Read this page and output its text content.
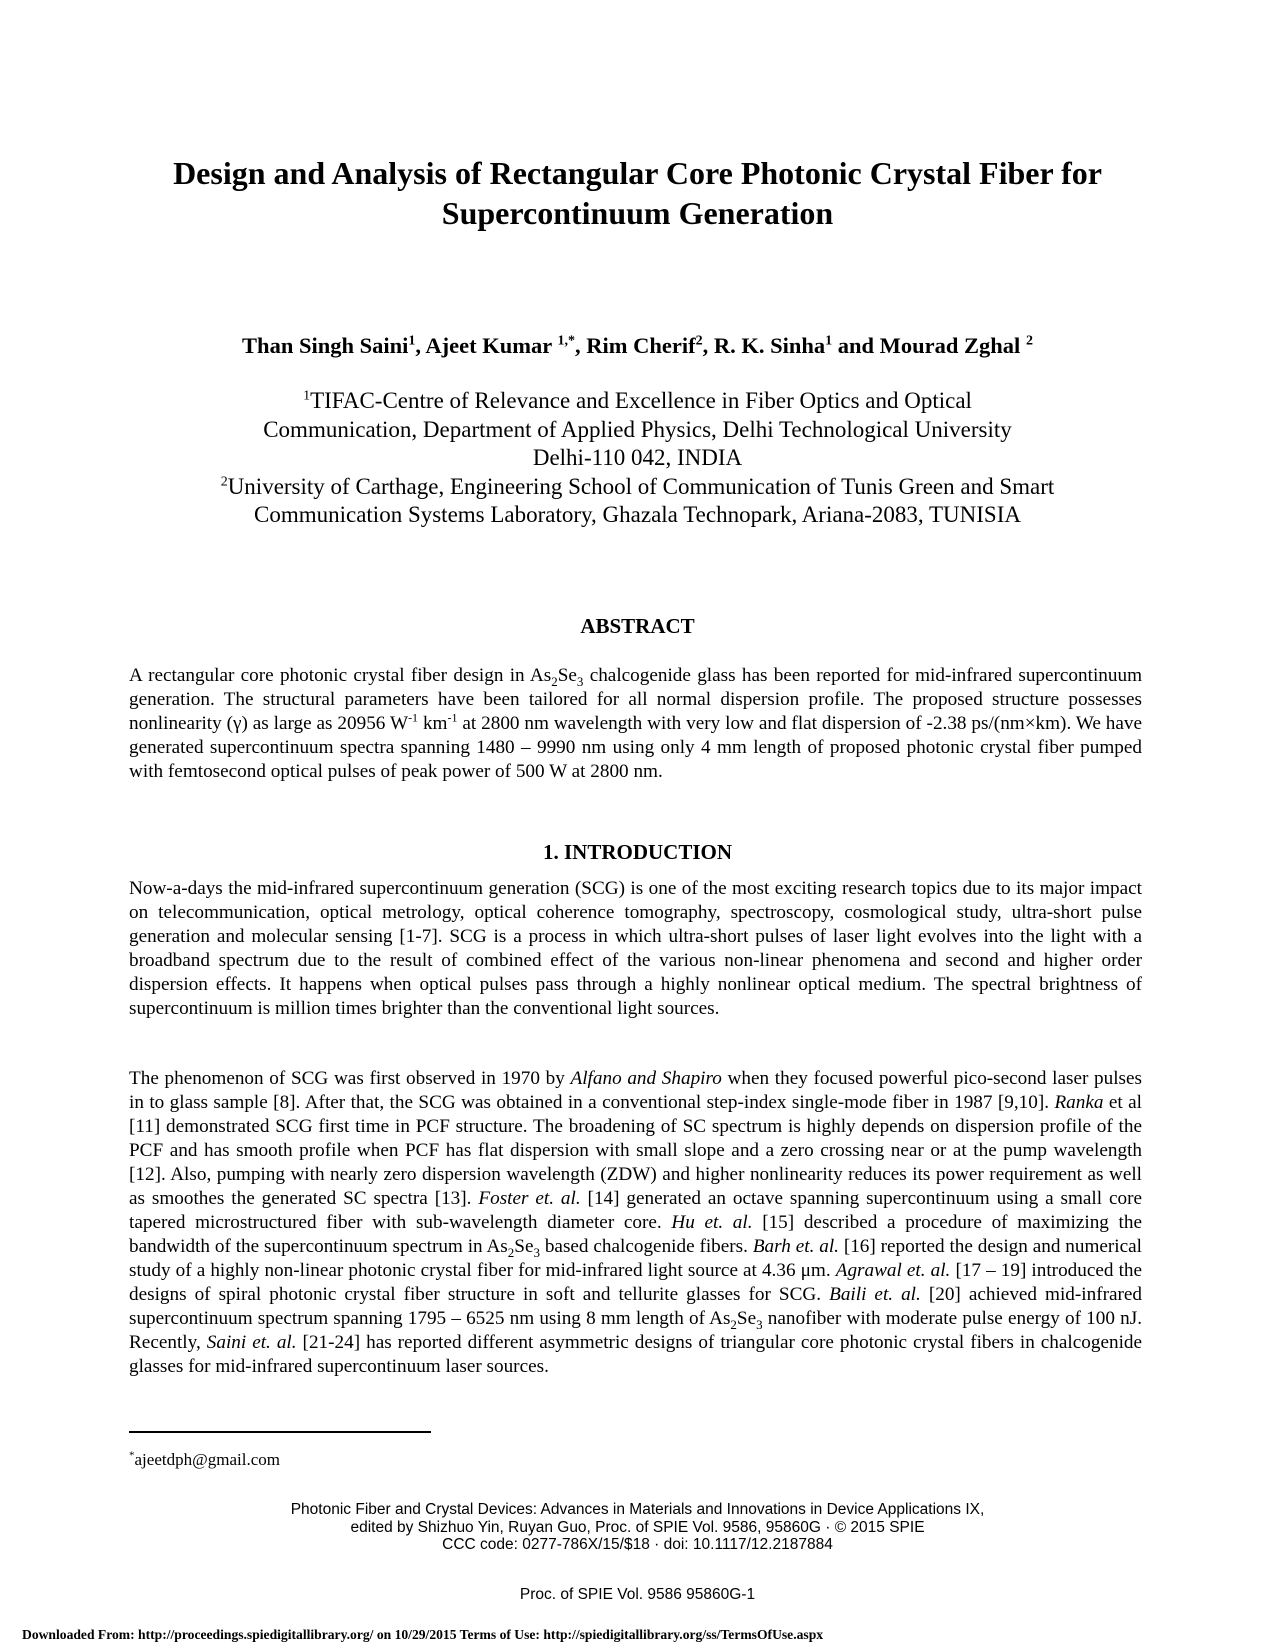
Design and Analysis of Rectangular Core Photonic Crystal Fiber for
Supercontinuum Generation
Than Singh Saini$^1$, Ajeet Kumar $^{1,*}$, Rim Cherif$^2$, R. K. Sinha$^1$ and Mourad Zghal $^2$
$^1$TIFAC-Centre of Relevance and Excellence in Fiber Optics and Optical
Communication, Department of Applied Physics, Delhi Technological University
Delhi-110 042, INDIA
$^2$University of Carthage, Engineering School of Communication of Tunis Green and Smart
Communication Systems Laboratory, Ghazala Technopark, Ariana-2083, TUNISIA
ABSTRACT
A rectangular core photonic crystal fiber design in $As_2Se_3$ chalcogenide glass has been reported for mid-infrared supercontinuum generation. The structural parameters have been tailored for all normal dispersion profile. The proposed structure possesses nonlinearity (γ) as large as 20956 $W^{-1}$ $km^{-1}$ at 2800 nm wavelength with very low and flat dispersion of -2.38 ps/(nm×km). We have generated supercontinuum spectra spanning 1480 – 9990 nm using only 4 mm length of proposed photonic crystal fiber pumped with femtosecond optical pulses of peak power of 500 W at 2800 nm.
1. INTRODUCTION
Now-a-days the mid-infrared supercontinuum generation (SCG) is one of the most exciting research topics due to its major impact on telecommunication, optical metrology, optical coherence tomography, spectroscopy, cosmological study, ultra-short pulse generation and molecular sensing [1-7]. SCG is a process in which ultra-short pulses of laser light evolves into the light with a broadband spectrum due to the result of combined effect of the various non-linear phenomena and second and higher order dispersion effects. It happens when optical pulses pass through a highly nonlinear optical medium. The spectral brightness of supercontinuum is million times brighter than the conventional light sources.
The phenomenon of SCG was first observed in 1970 by Alfano and Shapiro when they focused powerful pico-second laser pulses in to glass sample [8]. After that, the SCG was obtained in a conventional step-index single-mode fiber in 1987 [9,10]. Ranka et al [11] demonstrated SCG first time in PCF structure. The broadening of SC spectrum is highly depends on dispersion profile of the PCF and has smooth profile when PCF has flat dispersion with small slope and a zero crossing near or at the pump wavelength [12]. Also, pumping with nearly zero dispersion wavelength (ZDW) and higher nonlinearity reduces its power requirement as well as smoothes the generated SC spectra [13]. Foster et. al. [14] generated an octave spanning supercontinuum using a small core tapered microstructured fiber with sub-wavelength diameter core. Hu et. al. [15] described a procedure of maximizing the bandwidth of the supercontinuum spectrum in $As_2Se_3$ based chalcogenide fibers. Barh et. al. [16] reported the design and numerical study of a highly non-linear photonic crystal fiber for mid-infrared light source at 4.36 μm. Agrawal et. al. [17 – 19] introduced the designs of spiral photonic crystal fiber structure in soft and tellurite glasses for SCG. Baili et. al. [20] achieved mid-infrared supercontinuum spectrum spanning 1795 – 6525 nm using 8 mm length of $As_2Se_3$ nanofiber with moderate pulse energy of 100 nJ. Recently, Saini et. al. [21-24] has reported different asymmetric designs of triangular core photonic crystal fibers in chalcogenide glasses for mid-infrared supercontinuum laser sources.
*ajeetdph@gmail.com
Photonic Fiber and Crystal Devices: Advances in Materials and Innovations in Device Applications IX,
edited by Shizhuo Yin, Ruyan Guo, Proc. of SPIE Vol. 9586, 95860G · © 2015 SPIE
CCC code: 0277-786X/15/$18 · doi: 10.1117/12.2187884
Proc. of SPIE Vol. 9586 95860G-1
Downloaded From: http://proceedings.spiedigitallibrary.org/ on 10/29/2015 Terms of Use: http://spiedigitallibrary.org/ss/TermsOfUse.aspx
